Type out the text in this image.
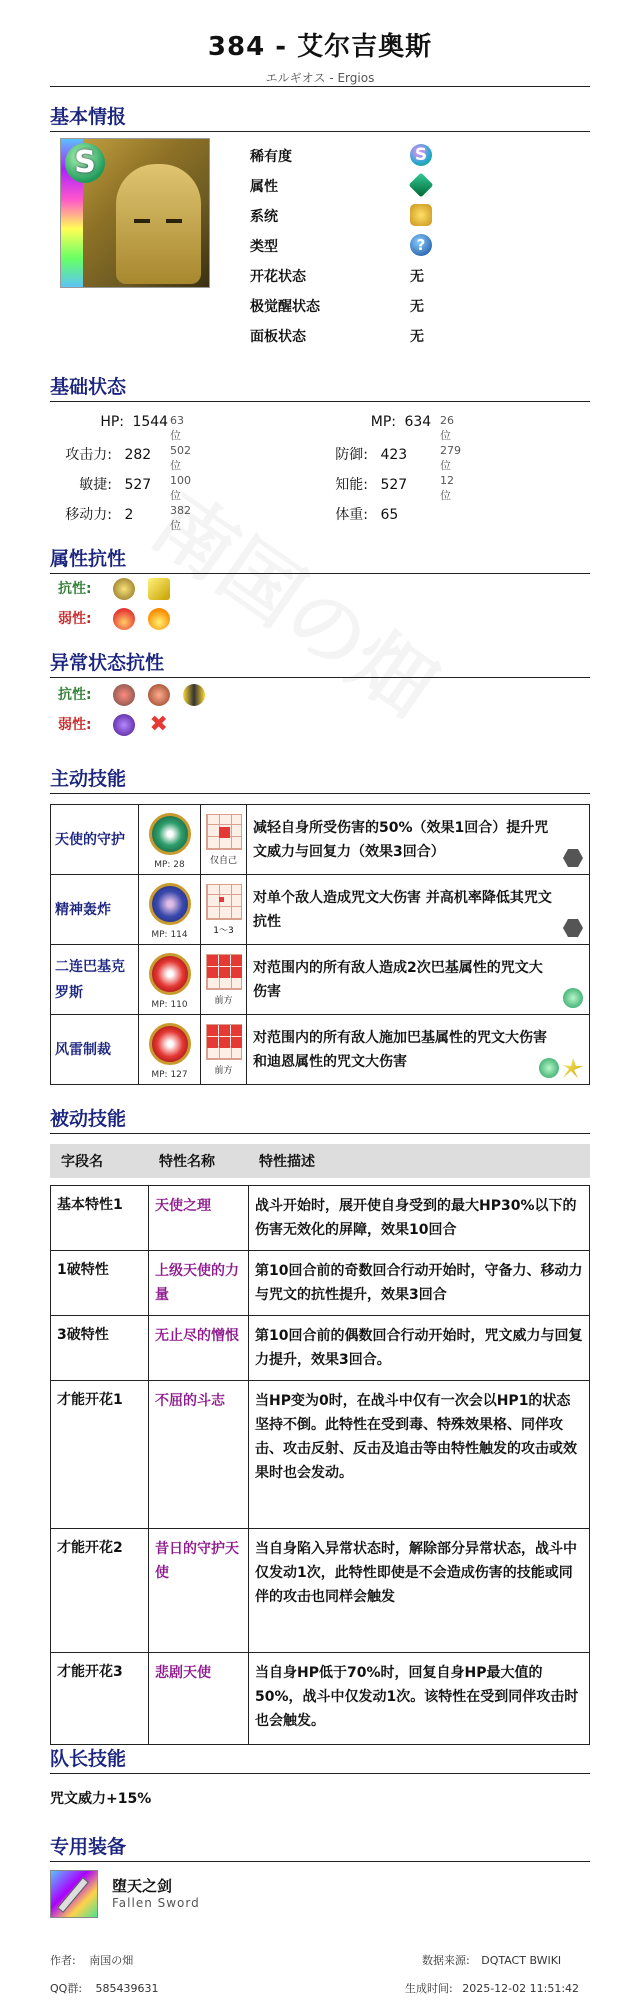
384 - 艾尔吉奥斯
エルギオス - Ergios
基本情报
S	稀有度	S
属性
系统
类型	?
开花状态	无
极觉醒状态	无
面板状态	无
基础状态
HP: 1544 63位
MP: 634 26位
攻击力: 282 502位
防御: 423	279位
敏捷: 527 100位
知能: 527	12位
移动力: 2	382位
体重: 65
属性抗性
抗性:
弱性:
异常状态抗性
抗性:
弱性:	✖
主动技能
天使的守护	MP: 28	仅自己	减轻自身所受伤害的50%（效果1回合）提升咒文威力与回复力（效果3回合）

精神轰炸	MP: 114	1～3	对单个敌人造成咒文大伤害 并高机率降低其咒文抗性

二连巴基克罗斯	MP: 110	前方	对范围内的所有敌人造成2次巴基属性的咒文大伤害

风雷制裁	MP: 127	前方	对范围内的所有敌人施加巴基属性的咒文大伤害和迪恩属性的咒文大伤害
被动技能
字段名	特性名称	特性描述

基本特性1	天使之理	战斗开始时，展开使自身受到的最大HP30%以下的伤害无效化的屏障，效果10回合
1破特性	上级天使的力量	第10回合前的奇数回合行动开始时，守备力、移动力与咒文的抗性提升，效果3回合
3破特性	无止尽的憎恨	第10回合前的偶数回合行动开始时，咒文威力与回复力提升，效果3回合。
才能开花1	不屈的斗志	当HP变为0时，在战斗中仅有一次会以HP1的状态坚持不倒。此特性在受到毒、特殊效果格、同伴攻击、攻击反射、反击及追击等由特性触发的攻击或效果时也会发动。
才能开花2	昔日的守护天使	当自身陷入异常状态时，解除部分异常状态，战斗中仅发动1次，此特性即使是不会造成伤害的技能或同伴的攻击也同样会触发
才能开花3	悲剧天使	当自身HP低于70%时，回复自身HP最大值的50%，战斗中仅发动1次。该特性在受到同伴攻击时也会触发。
队长技能
咒文威力+15%
专用装备
堕天之剑
Fallen Sword
作者: 南国の畑
QQ群: 585439631
数据来源: DQTACT BWIKI
生成时间: 2025-12-02 11:51:42
